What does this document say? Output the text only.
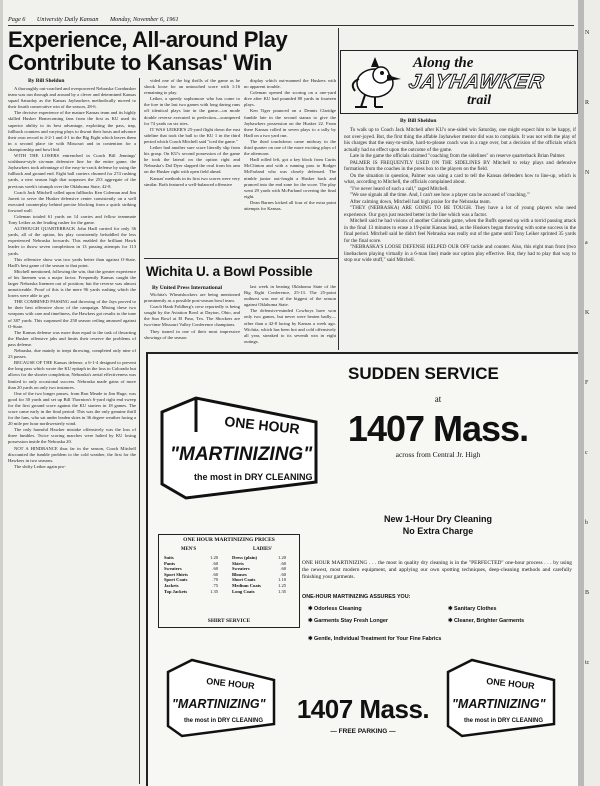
Page 6 University Daily Kansan Monday, November 6, 1961
Experience, All-around Play Contribute to Kansas' Win
By Bill Sheldon

A thoroughly out-coached and overpowered Nebraska Cornhusker team was run through and around by a clever and determined Kansas squad Saturday as the Kansas Jayhawkers methodically moved to their fourth consecutive win of the season, 28-6.

The decisive experience of the mature Kansas team and its highly skilled Husker Homecoming fans from the first as KU used its superior ability to its best advantage, exploiting the pass, trap, fullback counters and varying plays to thwart their hosts and advance their own record to 4-2-1 and 4-1 in the Big Eight which leaves them in a second place tie with Missouri and in contention for a championship and bowl bid.

WITH THE LOSERS entrenched in Coach Bill Jennings' wishbone-style six-man defensive line for the entire game, the Jayhawkers took advantage of the easy-to-crack defense by using the fullback and ground end. Eight ball carriers churned for 274 rushing yards, a new season high that surpasses the 253 aggregate of the previous week's triumph over the Oklahoma State, 42-8.

Coach Jack Mitchell called upon fullbacks Ken Coleman and Jim Jarrett to serve the Husker defensive center consistently on a well executed counterplay behind precise blocking from a quick striking forward wall.

Coleman totaled 61 yards on 14 carries and fellow teammate Tony Leiker as the leading rusher for the game.

ALTHOUGH QUARTERBACK John Hadl carried for only 36 yards, all of the option, his play consistently befuddled the less experienced Nebraska forwards. This enabled the brilliant Hawk leader to throw seven completions in 13 passing attempts for 113 yards.

This offensive show was two yards better than against O-State, Hadl's best game of the season to that point.

Mitchell mentioned, following the win, that the greater experience of his linemen was a major factor. Frequently Kansas caught the larger Nebraska linemen out of position; but the reverse was almost unnoticeable. Proof of this is the mere 96 yards rushing which the losers were able to get.

THE COMBINED PASSING and throwing of the Jays proved to be their best offensive show of the campaign. Mixing these two weapons with care and timeliness, the Hawkers got results to the tune of 387 yards. This surpassed the 258 season ceiling amassed against O-State.

The Kansas defense was more than equal to the task of thwarting the Husker offensive jabs and limits their reserve the problems of pass defense.

Nebraska, due mainly to inept throwing, completed only nine of 23 passes.

BECAUSE OF THE Kansas defense, a 6-1-4 designed to prevent the long pass which wrote the KU epitaph in the loss to Colorado but allows for the shorter completion, Nebraska's aerial effectiveness was limited to only occasional success. Nebraska made gains of more than 20 yards on only two instances.

One of the two longer passes, from Ron Meade to Jim Huge, was good for 30 yards and set up Bill Thornton's 6-yard right end sweep for the first ground score against the KU starters in 18 games. The score came early in the final period. This was the only genuine thrill for the fans, who sat under leaden skies in 36 degree weather facing a 20 mile per hour northwesterly wind.

The only harmful Hawker mistake offensively was the loss of three fumbles. Twice scoring marches were halted by KU losing possession inside the Nebraska 20.

NOT A HINDRANCE thus far in the season, Coach Mitchell discounted the fumble problem to the cold weather, the first for the Hawkers in two seasons.

The shifty Leiker again pro-

vided one of the big thrills of the game as he shook loose for an untouched score with 1:16 remaining to play.

Leiker, a speedy sophomore who has come to the fore in the last two games with long daring runs off identical plays late in the game—on mode double reverse executed to perfection—scampered for 74 yards on six tries.

IT WAS LEIKER'S 25-yard flight down the east sideline that took the ball to the KU 1 in the third period which Coach Mitchell said "iced the game."

Leiker had another sure score literally slip from his grasp. On KU's second possession of the game he took the lateral on the option right and Nebraska's Dal Dyer slapped the oval from his arm on the Husker right with open field ahead.

Kansas' methods in its first two scores were very similar. Both featured a well-balanced offensive

display which out-manned the Huskers with no apparent trouble.

Coleman opened the scoring on a one-yard dive after KU had pounded 80 yards in fourteen plays.

Ken Tiger pounced on a Dennis Claridge fumble late in the second stanza to give the Jayhawkers possession on the Husker 22. From there Kansas rolled in seven plays to a tally by Hadl on a two yard run.

The third touchdown came midway in the third quarter on one of the more exciting plays of the afternoon.

Hadl rolled left, got a key block from Curtis McClinton and with a running pass to Rodger McFarland who was closely defensed. The nimble junior out-fought a Husker back and pranced into the end zone for the score. The play went 29 yards with McFarland covering the final eight.

Dean Barnes kicked all four of the extra point attempts for Kansas.

Along the
JAYHAWKER
trail
By Bill Sheldon

To walk up to Coach Jack Mitchell after KU's one-sided win Saturday, one might expect him to be happy, if not over-joyed. But, the first thing the affable Jayhawker mentor did was to complain. It was not with the play of his charges that the easy-to-smile, hard-to-please coach was in a rage over, but a decision of the officials which actually had no effect upon the outcome of the game.

Late in the game the officials claimed "coaching from the sidelines" on reserve quarterback Brian Palmer.

PALMER IS FREQUENTLY USED ON THE SIDELINES BY Mitchell to relay plays and defensive formation from the coaches in the press box to the players on the field.

On the situation in question, Palmer was using a card to tell the Kansas defenders how to line-up, which is what, according to Mitchell, the officials complained about.

"I've never heard of such a call," raged Mitchell.

"We use signals all the time. And, I can't see how a player can be accused of 'coaching.'"

After calming down, Mitchell had high praise for the Nebraska team.

"THEY (NEBRASKA) ARE GOING TO BE TOUGH. They have a lot of young players who need experience. Our guys just reacted better in the line which was a factor.

Mitchell said he had visions of another Colorado game, when the Buffs opened up with a torrid passing attack in the final 13 minutes to erase a 19-point Kansas lead, as the Huskers began throwing with some success in the final period. Mitchell said he didn't feel Nebraska was really out of the game until Tony Leiker sprinted 35 yards for the final score.

"NEBRASKA'S LOOSE DEFENSE HELPED OUR OFF tackle and counter. Also, this eight man front (two linebackers playing virtually in a 6-man line) made our option play effective. But, they had to play that way to stop our wide stuff," said Mitchell.

Wichita U. a Bowl Possible
By United Press International

Wichita's Wheatshockers are being mentioned prominently as a possible post-season bowl team.

Coach Hank Foldberg's crew reportedly is being sought by the Aviation Bowl at Dayton, Ohio, and the Sun Bowl at El Paso, Tex. The Shockers are two-time Missouri Valley Conference champions.

They turned in one of their most impressive showings of the season

last week in beating Oklahoma State of the Big Eight Conference, 25-13. The 25-point outburst was one of the biggest of the season against Oklahoma State.

The defensive-minded Cowboys have won only two games, but never were beaten badly—other than a 42-8 lacing by Kansas a week ago. Wichita, which has been hot and cold offensively all year, streaked to its seventh win in eight outings.

SUDDEN SERVICE
at
1407 Mass.
across from Central Jr. High
ONE HOUR
"MARTINIZING"
the most in DRY CLEANING
New 1-Hour Dry Cleaning
No Extra Charge
ONE HOUR MARTINIZING PRICES
MEN'S	LADIES'
Suits	1.20
Pants	.60
Sweaters	.60
Sport Shirts	.60
Sport Coats	.70
Jackets	.75
Top Jackets	1.35
Dress (plain)	1.20
Skirts	.60
Sweaters	.60
Blouses	.60
Short Coats	1.10
Medium Coats	1.25
Long Coats	1.35
SHIRT SERVICE
ONE HOUR MARTINIZING . . . the most in quality dry cleaning is in the "PERFECTED" one-hour process . . . by using the newest, most modern equipment, and applying our own spotting techniques, deep-cleaning methods and carefully finishing your garments.
ONE-HOUR MARTINIZING ASSURES YOU:
✱ Odorless Cleaning	✱ Sanitary Clothes
✱ Garments Stay Fresh Longer	✱ Cleaner, Brighter Garments
✱ Gentle, Individual Treatment for Your Fine Fabrics
ONE HOUR
"MARTINIZING"
the most in DRY CLEANING
ONE HOUR
"MARTINIZING"
the most in DRY CLEANING
1407 Mass.
— FREE PARKING —
N
R
N
a
K
F
c
b
B
tc
